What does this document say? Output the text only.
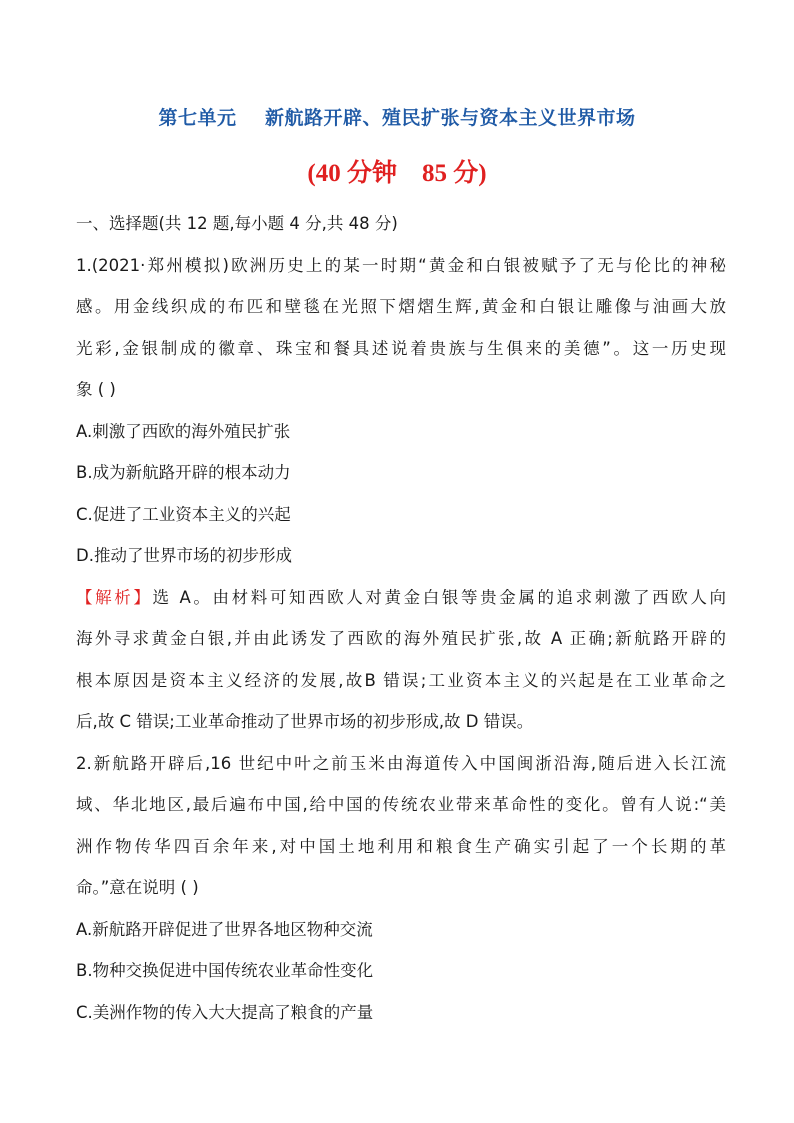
第七单元    新航路开辟、殖民扩张与资本主义世界市场
(40 分钟    85 分)
一、选择题(共 12 题,每小题 4 分,共 48 分)
1.(2021·郑州模拟)欧洲历史上的某一时期“黄金和白银被赋予了无与伦比的神秘
感。用金线织成的布匹和壁毯在光照下熠熠生辉,黄金和白银让雕像与油画大放
光彩,金银制成的徽章、珠宝和餐具述说着贵族与生俱来的美德”。这一历史现
象 ( )
A.刺激了西欧的海外殖民扩张
B.成为新航路开辟的根本动力
C.促进了工业资本主义的兴起
D.推动了世界市场的初步形成
【解析】选 A。由材料可知西欧人对黄金白银等贵金属的追求刺激了西欧人向
海外寻求黄金白银,并由此诱发了西欧的海外殖民扩张,故 A 正确;新航路开辟的
根本原因是资本主义经济的发展,故B 错误;工业资本主义的兴起是在工业革命之
后,故 C 错误;工业革命推动了世界市场的初步形成,故 D 错误。
2.新航路开辟后,16 世纪中叶之前玉米由海道传入中国闽浙沿海,随后进入长江流
域、华北地区,最后遍布中国,给中国的传统农业带来革命性的变化。曾有人说:“美
洲作物传华四百余年来,对中国土地利用和粮食生产确实引起了一个长期的革
命。”意在说明 ( )
A.新航路开辟促进了世界各地区物种交流
B.物种交换促进中国传统农业革命性变化
C.美洲作物的传入大大提高了粮食的产量
